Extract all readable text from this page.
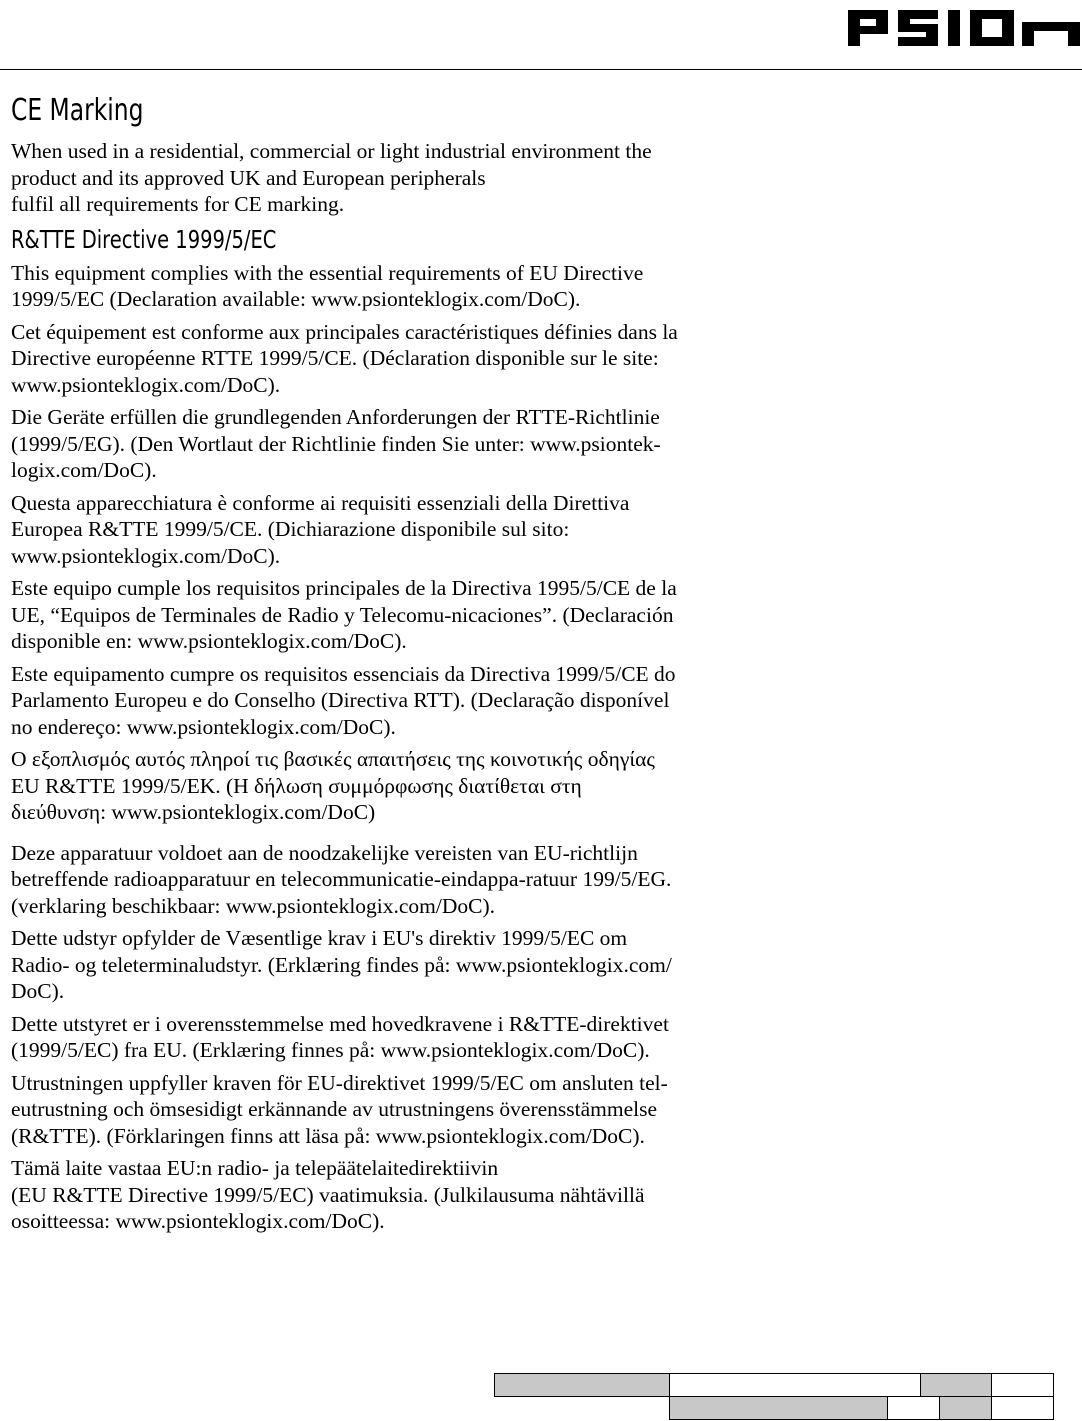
CE Marking

When used in a residential, commercial or light industrial environment the
product and its approved UK and European peripherals
fulfil all requirements for CE marking.

R&TTE Directive 1999/5/EC

This equipment complies with the essential requirements of EU Directive
1999/5/EC (Declaration available: www.psionteklogix.com/DoC).

Cet équipement est conforme aux principales caractéristiques définies dans la
Directive européenne RTTE 1999/5/CE. (Déclaration disponible sur le site:
www.psionteklogix.com/DoC).

Die Geräte erfüllen die grundlegenden Anforderungen der RTTE-Richtlinie
(1999/5/EG). (Den Wortlaut der Richtlinie finden Sie unter: www.psiontek-
logix.com/DoC).

Questa apparecchiatura è conforme ai requisiti essenziali della Direttiva
Europea R&TTE 1999/5/CE. (Dichiarazione disponibile sul sito:
www.psionteklogix.com/DoC).

Este equipo cumple los requisitos principales de la Directiva 1995/5/CE de la
UE, “Equipos de Terminales de Radio y Telecomu-nicaciones”. (Declaración
disponible en: www.psionteklogix.com/DoC).

Este equipamento cumpre os requisitos essenciais da Directiva 1999/5/CE do
Parlamento Europeu e do Conselho (Directiva RTT). (Declaração disponível
no endereço: www.psionteklogix.com/DoC).

Ο εξοπλισμός αυτός πληροί τις βασικές απαιτήσεις της κοινοτικής οδηγίας
EU R&TTE 1999/5/EK. (Η δήλωση συμμόρφωσης διατίθεται στη
διεύθυνση: www.psionteklogix.com/DoC)

Deze apparatuur voldoet aan de noodzakelijke vereisten van EU-richtlijn
betreffende radioapparatuur en telecommunicatie-eindappa-ratuur 199/5/EG.
(verklaring beschikbaar: www.psionteklogix.com/DoC).

Dette udstyr opfylder de Væsentlige krav i EU's direktiv 1999/5/EC om
Radio- og teleterminaludstyr. (Erklæring findes på: www.psionteklogix.com/
DoC).

Dette utstyret er i overensstemmelse med hovedkravene i R&TTE-direktivet
(1999/5/EC) fra EU. (Erklæring finnes på: www.psionteklogix.com/DoC).

Utrustningen uppfyller kraven för EU-direktivet 1999/5/EC om ansluten tel-
eutrustning och ömsesidigt erkännande av utrustningens överensstämmelse
(R&TTE). (Förklaringen finns att läsa på: www.psionteklogix.com/DoC).

Tämä laite vastaa EU:n radio- ja telepäätelaitedirektiivin
(EU R&TTE Directive 1999/5/EC) vaatimuksia. (Julkilausuma nähtävillä
osoitteessa: www.psionteklogix.com/DoC).
